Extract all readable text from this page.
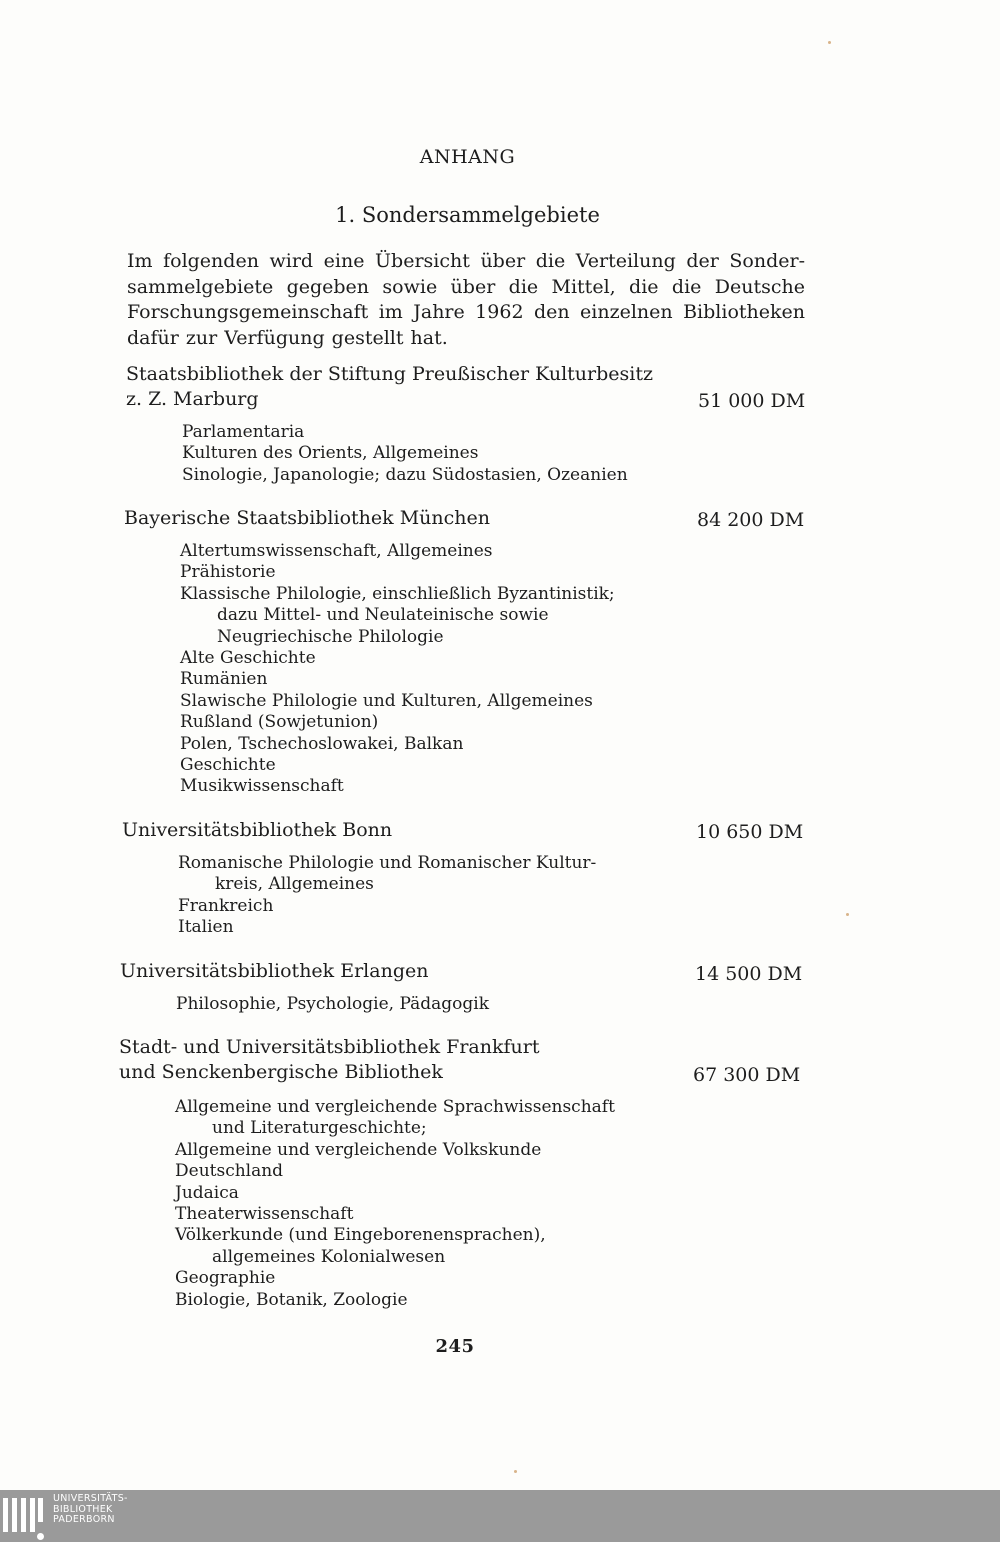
ANHANG
1. Sondersammelgebiete
Im folgenden wird eine Übersicht über die Verteilung der Sonder-
sammelgebiete gegeben sowie über die Mittel, die die Deutsche
Forschungsgemeinschaft im Jahre 1962 den einzelnen Bibliotheken
dafür zur Verfügung gestellt hat.
Staatsbibliothek der Stiftung Preußischer Kulturbesitz
z. Z. Marburg	51 000 DM
Parlamentaria
Kulturen des Orients, Allgemeines
Sinologie, Japanologie; dazu Südostasien, Ozeanien
Bayerische Staatsbibliothek München	84 200 DM
Altertumswissenschaft, Allgemeines
Prähistorie
Klassische Philologie, einschließlich Byzantinistik;
dazu Mittel- und Neulateinische sowie
Neugriechische Philologie
Alte Geschichte
Rumänien
Slawische Philologie und Kulturen, Allgemeines
Rußland (Sowjetunion)
Polen, Tschechoslowakei, Balkan
Geschichte
Musikwissenschaft
Universitätsbibliothek Bonn	10 650 DM
Romanische Philologie und Romanischer Kultur-
kreis, Allgemeines
Frankreich
Italien
Universitätsbibliothek Erlangen	14 500 DM
Philosophie, Psychologie, Pädagogik
Stadt- und Universitätsbibliothek Frankfurt
und Senckenbergische Bibliothek	67 300 DM
Allgemeine und vergleichende Sprachwissenschaft
und Literaturgeschichte;
Allgemeine und vergleichende Volkskunde
Deutschland
Judaica
Theaterwissenschaft
Völkerkunde (und Eingeborenensprachen),
allgemeines Kolonialwesen
Geographie
Biologie, Botanik, Zoologie
245
UNIVERSITÄTS-
BIBLIOTHEK
PADERBORN
